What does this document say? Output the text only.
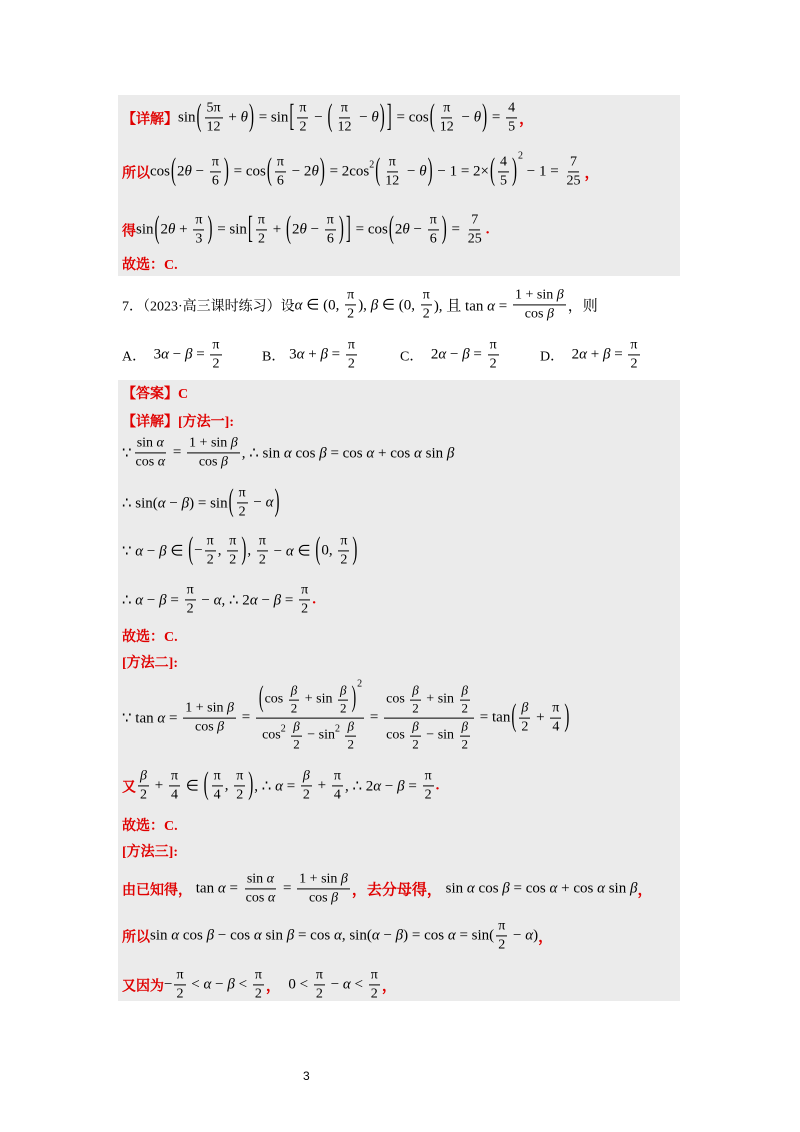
【详解】 sin ( $\frac{5\pi}{12} + \theta$ ) = sin [ $\frac{\pi}{2}$ − ( $\frac{\pi}{12} - \theta$ ) ] = cos ( $\frac{\pi}{12} - \theta$ ) = $\frac{4}{5}$ ，
所以 cos ( $2\theta - \frac{\pi}{6}$ ) = cos ( $\frac{\pi}{6} - 2\theta$ ) = 2cos 2 ( $\frac{\pi}{12} - \theta$ ) − 1 = 2× ( $\frac{4}{5}$ ) 2
− $1 = \frac{7}{25}$ ，
得 sin ( $2\theta + \frac{\pi}{3}$ ) = sin [ $\frac{\pi}{2}$ + ( $2\theta - \frac{\pi}{6}$ ) ] = cos ( $2\theta - \frac{\pi}{6}$ ) = $\frac{7}{25}$ .
故选：C.
7．（2023·高三课时练习）设 α ∈ (0, $\frac{\pi}{2}$ ), β ∈ (0, $\frac{\pi}{2}$ ), 且 $\tan \alpha = \frac{\text{1 + sin β}}{\text{cos β}}$ ，则
A． $3\alpha - \beta = \frac{\pi}{2}$	B． $3\alpha + \beta = \frac{\pi}{2}$	C． $2\alpha - \beta = \frac{\pi}{2}$	D． $2\alpha + \beta = \frac{\pi}{2}$
【答案】C
【详解】[方法一]:
∵ $\frac{\text{sin α}}{\text{cos α}} = \frac{\text{1 + sin β}}{\text{cos β}}$ , ∴ sin α cos β = cos α + cos α sin β
∴ sin(α − β) = sin ( $\frac{\pi}{2} - \alpha$ )
∵ α − β ∈ ( − $\frac{\pi}{2}$ , $\frac{\pi}{2}$ ) , $\frac{\pi}{2} - \alpha$ ∈ ( 0, $\frac{\pi}{2}$ )
∴ $\alpha - \beta = \frac{\pi}{2} - \alpha$, ∴ $2\alpha - \beta = \frac{\pi}{2}$ .
故选：C.
[方法二]:
∵ $\tan \alpha = \frac{\text{1 + sin β}}{\text{cos β}}$ = ( $\cos \frac{\beta}{2} + \sin \frac{\beta}{2}$ ) 2
cos 2
$\frac{\beta}{2} - \sin 2$
$\frac{\beta}{2} = \frac{\cos \frac{\beta}{2} + \sin \frac{\beta}{2}}{\cos \frac{\beta}{2} - \sin \frac{\beta}{2}} = \tan$ ( $\frac{\beta}{2} + \frac{\pi}{4}$ )
又 $\frac{\beta}{2} + \frac{\pi}{4}$ ∈ ( $\frac{\pi}{4}$ , $\frac{\pi}{2}$ ) , ∴ $\alpha = \frac{\beta}{2} + \frac{\pi}{4}$ , ∴ $2\alpha - \beta = \frac{\pi}{2}$ .
故选：C.
[方法三]:
由已知得， $\tan \alpha = \frac{\text{sin α}}{\text{cos α}} = \frac{\text{1 + sin β}}{\text{cos β}}$ ，去分母得， sin α cos β = cos α + cos α sin β ，
所以 sin α cos β − cos α sin β = cos α, $\sin(\alpha - \beta) = \cos \alpha = \sin( \frac{\pi}{2} - \alpha)$ ，
又因为 − $\frac{\pi}{2} < \alpha - \beta < \frac{\pi}{2}$ ， $0 < \frac{\pi}{2} - \alpha < \frac{\pi}{2}$ ，
3
